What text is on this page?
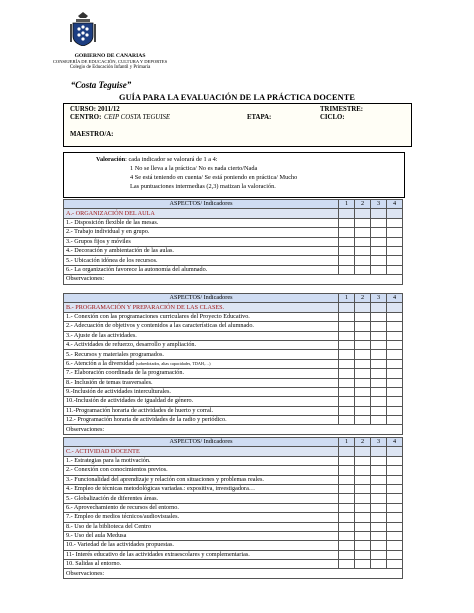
GOBIERNO DE CANARIAS
CONSEJERÍA DE EDUCACIÓN, CULTURA Y DEPORTES
Colegio de Educación Infantil y Primaria
“Costa Teguise”
GUÍA PARA LA EVALUACIÓN DE LA PRÁCTICA DOCENTE
CURSO: 2011/12	TRIMESTRE:
CENTRO: CEIP COSTA TEGUISE	ETAPA:	CICLO:
MAESTRO/A:
Valoración: cada indicador se valorará de 1 a 4:
1 No se lleva a la práctica/ No es nada cierto/Nada
4 Se está teniendo en cuenta/ Se está poniendo en práctica/ Mucho
Las puntuaciones intermedias (2,3) matizan la valoración.
ASPECTOS/ Indicadores	1	2	3	4
A.- ORGANIZACIÓN DEL AULA				
1.- Disposición flexible de las mesas.				
2.- Trabajo individual y en grupo.				
3.- Grupos fijos y móviles				
4.- Decoración y ambientación de las aulas.				
5.- Ubicación idónea de los recursos.				
6.- La organización favorece la autonomía del alumnado.				
Observaciones:				
ASPECTOS/ Indicadores	1	2	3	4
B.- PROGRAMACIÓN Y PREPARACIÓN DE LAS CLASES.				
1.- Conexión con las programaciones curriculares del Proyecto Educativo.				
2.- Adecuación de objetivos y contenidos a las características del alumnado.				
3.- Ajuste de las actividades.				
4.- Actividades de refuerzo, desarrollo y ampliación.				
5.- Recursos y materiales programados.				
6.- Atención a la diversidad (sobredotados, altas capacidades, TDAH,…)				
7.- Elaboración coordinada de la programación.				
8.- Inclusión de temas trasversales.				
9.-Inclusión de actividades interculturales.				
10.-Inclusión de actividades de igualdad de género.				
11.-Programación horaria de actividades de huerto y corral.				
12.- Programación horaria de actividades de la radio y periódico.				
Observaciones:				
ASPECTOS/ Indicadores	1	2	3	4
C.- ACTIVIDAD DOCENTE				
1.- Estrategias para la motivación.				
2.- Conexión con conocimientos previos.				
3.- Funcionalidad del aprendizaje y relación con situaciones y problemas reales.				
4.- Empleo de técnicas metodológicas variadas.: expositiva, investigadora…				
5.- Globalización de diferentes áreas.				
6.- Aprovechamiento de recursos del entorno.				
7.- Empleo de medios técnicos/audiovisuales.				
8.- Uso de la biblioteca del Centro				
9.- Uso del aula Medusa				
10.- Variedad de las actividades propuestas.				
11- Interés educativo de las actividades extraescolares y complementarias.				
10. Salidas al entorno.				
Observaciones:				
